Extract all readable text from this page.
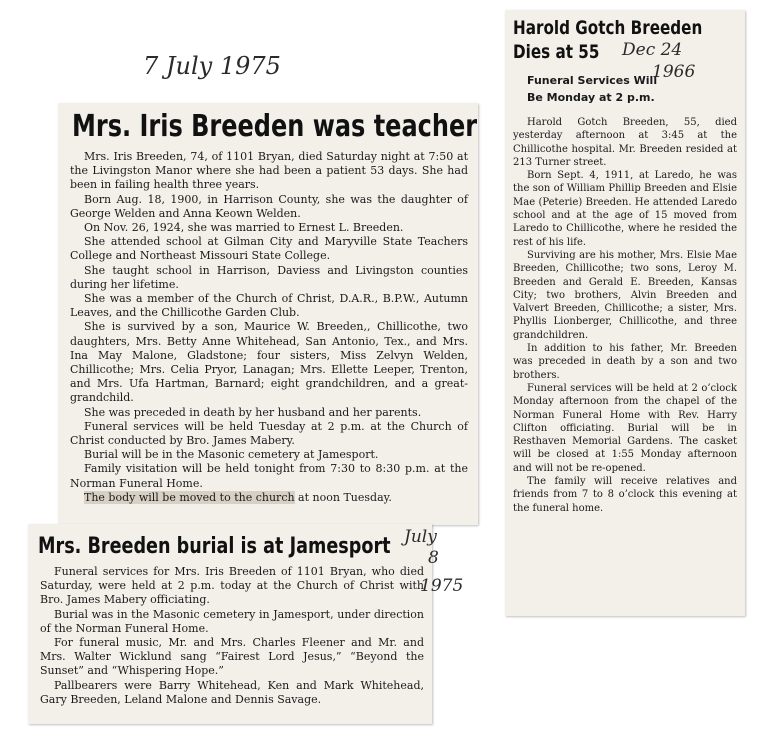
7 July 1975
Mrs. Iris Breeden was teacher

Mrs. Iris Breeden, 74, of 1101 Bryan, died Saturday night at 7:50 at the Livingston Manor where she had been a patient 53 days. She had been in failing health three years.

Born Aug. 18, 1900, in Harrison County, she was the daughter of George Welden and Anna Keown Welden.

On Nov. 26, 1924, she was married to Ernest L. Breeden.

She attended school at Gilman City and Maryville State Teachers College and Northeast Missouri State College.

She taught school in Harrison, Daviess and Livingston counties during her lifetime.

She was a member of the Church of Christ, D.A.R., B.P.W., Autumn Leaves, and the Chillicothe Garden Club.

She is survived by a son, Maurice W. Breeden,, Chillicothe, two daughters, Mrs. Betty Anne Whitehead, San Antonio, Tex., and Mrs. Ina May Malone, Gladstone; four sisters, Miss Zelvyn Welden, Chillicothe; Mrs. Celia Pryor, Lanagan; Mrs. Ellette Leeper, Trenton, and Mrs. Ufa Hartman, Barnard; eight grandchildren, and a great-grandchild.

She was preceded in death by her husband and her parents.

Funeral services will be held Tuesday at 2 p.m. at the Church of Christ conducted by Bro. James Mabery.

Burial will be in the Masonic cemetery at Jamesport.

Family visitation will be held tonight from 7:30 to 8:30 p.m. at the Norman Funeral Home.

The body will be moved to the church at noon Tuesday.

Mrs. Breeden burial is at Jamesport

Funeral services for Mrs. Iris Breeden of 1101 Bryan, who died Saturday, were held at 2 p.m. today at the Church of Christ with Bro. James Mabery officiating.

Burial was in the Masonic cemetery in Jamesport, under direction of the Norman Funeral Home.

For funeral music, Mr. and Mrs. Charles Fleener and Mr. and Mrs. Walter Wicklund sang “Fairest Lord Jesus,” “Beyond the Sunset” and “Whispering Hope.”

Pallbearers were Barry Whitehead, Ken and Mark Whitehead, Gary Breeden, Leland Malone and Dennis Savage.

July
8
1975
Harold Gotch Breeden
Dies at 55
Funeral Services Will
Be Monday at 2 p.m.

Harold Gotch Breeden, 55, died yesterday afternoon at 3:45 at the Chillicothe hospital. Mr. Breeden resided at 213 Turner street.

Born Sept. 4, 1911, at Laredo, he was the son of William Phillip Breeden and Elsie Mae (Peterie) Breeden. He attended Laredo school and at the age of 15 moved from Laredo to Chillicothe, where he resided the rest of his life.

Surviving are his mother, Mrs. Elsie Mae Breeden, Chillicothe; two sons, Leroy M. Breeden and Gerald E. Breeden, Kansas City; two brothers, Alvin Breeden and Valvert Breeden, Chillicothe; a sister, Mrs. Phyllis Lionberger, Chillicothe, and three grandchildren.

In addition to his father, Mr. Breeden was preceded in death by a son and two brothers.

Funeral services will be held at 2 o’clock Monday afternoon from the chapel of the Norman Funeral Home with Rev. Harry Clifton officiating. Burial will be in Resthaven Memorial Gardens. The casket will be closed at 1:55 Monday afternoon and will not be re-opened.

The family will receive relatives and friends from 7 to 8 o’clock this evening at the funeral home.

Dec 24
1966
